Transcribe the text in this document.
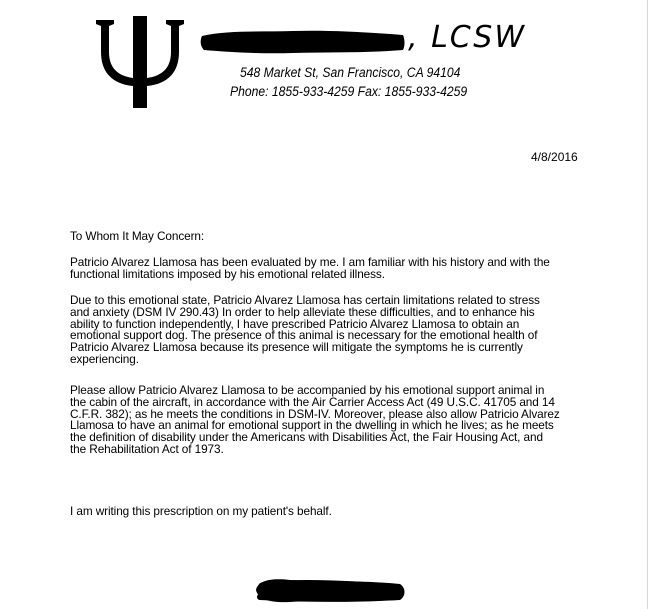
, LCSW
548 Market St, San Francisco, CA 94104
Phone: 1855-933-4259 Fax: 1855-933-4259
4/8/2016
To Whom It May Concern:
Patricio Alvarez Llamosa has been evaluated by me. I am familiar with his history and with the
functional limitations imposed by his emotional related illness.
Due to this emotional state, Patricio Alvarez Llamosa has certain limitations related to stress
and anxiety (DSM IV 290.43) In order to help alleviate these difficulties, and to enhance his
ability to function independently, I have prescribed Patricio Alvarez Llamosa to obtain an
emotional support dog. The presence of this animal is necessary for the emotional health of
Patricio Alvarez Llamosa because its presence will mitigate the symptoms he is currently
experiencing.
Please allow Patricio Alvarez Llamosa to be accompanied by his emotional support animal in
the cabin of the aircraft, in accordance with the Air Carrier Access Act (49 U.S.C. 41705 and 14
C.F.R. 382); as he meets the conditions in DSM-IV. Moreover, please also allow Patricio Alvarez
Llamosa to have an animal for emotional support in the dwelling in which he lives; as he meets
the definition of disability under the Americans with Disabilities Act, the Fair Housing Act, and
the Rehabilitation Act of 1973.
I am writing this prescription on my patient's behalf.
